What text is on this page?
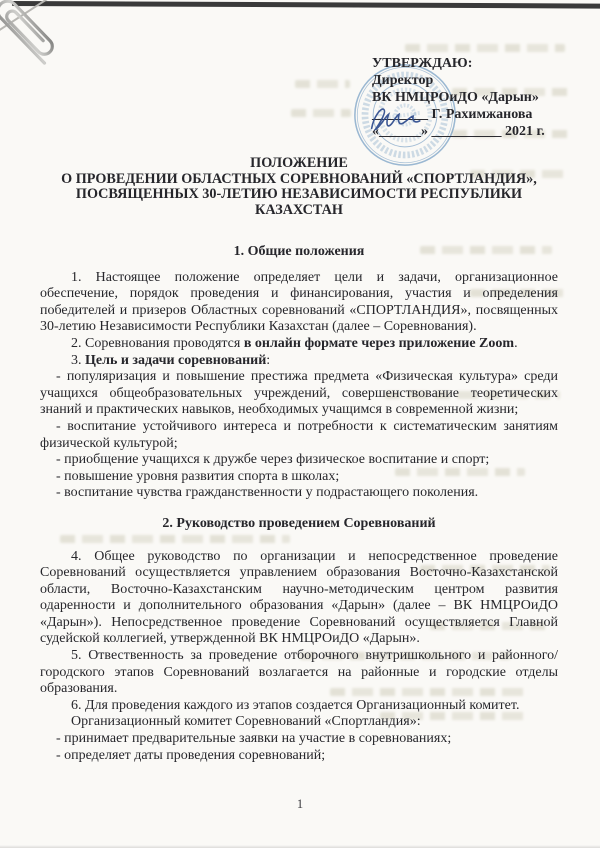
УТВЕРЖДАЮ:
Директор
ВК НМЦРОиДО «Дарын»
________ Г. Рахимжанова
«______» __________ 2021 г.
ПОЛОЖЕНИЕ
О ПРОВЕДЕНИИ ОБЛАСТНЫХ СОРЕВНОВАНИЙ «СПОРТЛАНДИЯ»,
ПОСВЯЩЕННЫХ 30-ЛЕТИЮ НЕЗАВИСИМОСТИ РЕСПУБЛИКИ
КАЗАХСТАН
1. Общие положения

1. Настоящее положение определяет цели и задачи, организационное обеспечение, порядок проведения и финансирования, участия и определения победителей и призеров Областных соревнований «СПОРТЛАНДИЯ», посвященных 30-летию Независимости Республики Казахстан (далее – Соревнования).

2. Соревнования проводятся в онлайн формате через приложение Zoom.

3. Цель и задачи соревнований:

- популяризация и повышение престижа предмета «Физическая культура» среди учащихся общеобразовательных учреждений, совершенствование теоретических знаний и практических навыков, необходимых учащимся в современной жизни;

- воспитание устойчивого интереса и потребности к систематическим занятиям физической культурой;

- приобщение учащихся к дружбе через физическое воспитание и спорт;

- повышение уровня развития спорта в школах;

- воспитание чувства гражданственности у подрастающего поколения.

2. Руководство проведением Соревнований

4. Общее руководство по организации и непосредственное проведение Соревнований осуществляется управлением образования Восточно-Казахстанской области, Восточно-Казахстанским научно-методическим центром развития одаренности и дополнительного образования «Дарын» (далее – ВК НМЦРОиДО «Дарын»). Непосредственное проведение Соревнований осуществляется Главной судейской коллегией, утвержденной ВК НМЦРОиДО «Дарын».

5. Отвественность за проведение отборочного внутришкольного и районного/городского этапов Соревнований возлагается на районные и городские отделы образования.

6. Для проведения каждого из этапов создается Организационный комитет.

Организационный комитет Соревнований «Спортландия»:

- принимает предварительные заявки на участие в соревнованиях;

- определяет даты проведения соревнований;

1
